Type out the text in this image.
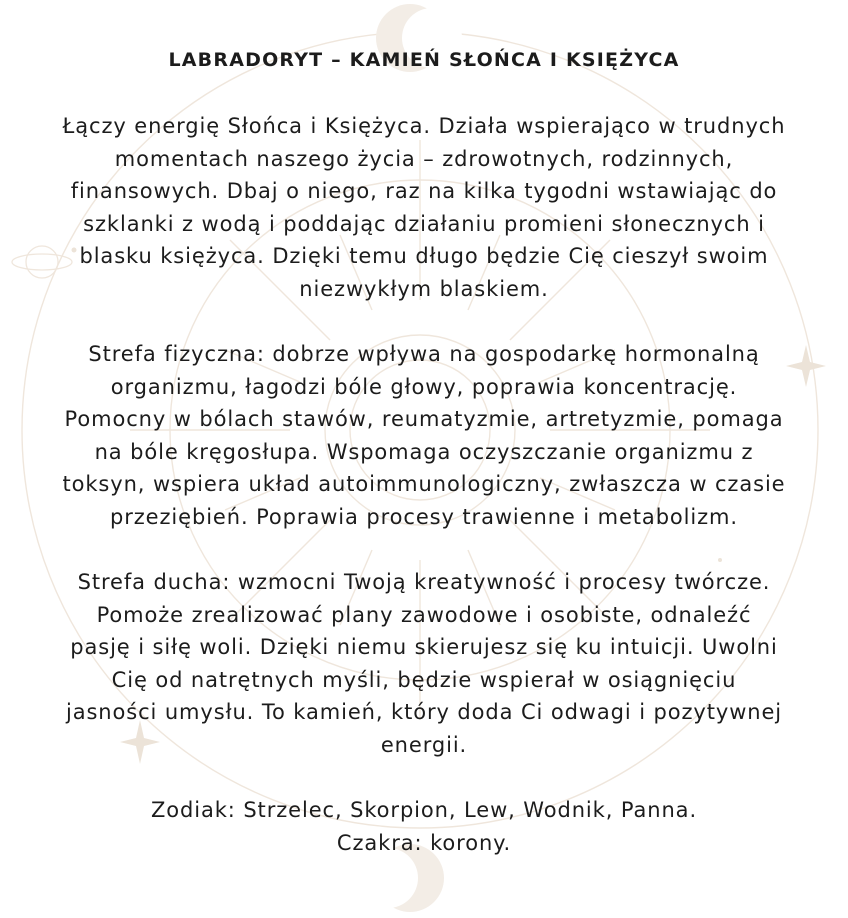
LABRADORYT – KAMIEŃ SŁOŃCA I KSIĘŻYCA

Łączy energię Słońca i Księżyca. Działa wspierająco w trudnych
momentach naszego życia – zdrowotnych, rodzinnych,
finansowych. Dbaj o niego, raz na kilka tygodni wstawiając do
szklanki z wodą i poddając działaniu promieni słonecznych i
blasku księżyca. Dzięki temu długo będzie Cię cieszył swoim
niezwykłym blaskiem.

Strefa fizyczna: dobrze wpływa na gospodarkę hormonalną
organizmu, łagodzi bóle głowy, poprawia koncentrację.
Pomocny w bólach stawów, reumatyzmie, artretyzmie, pomaga
na bóle kręgosłupa. Wspomaga oczyszczanie organizmu z
toksyn, wspiera układ autoimmunologiczny, zwłaszcza w czasie
przeziębień. Poprawia procesy trawienne i metabolizm.

Strefa ducha: wzmocni Twoją kreatywność i procesy twórcze.
Pomoże zrealizować plany zawodowe i osobiste, odnaleźć
pasję i siłę woli. Dzięki niemu skierujesz się ku intuicji. Uwolni
Cię od natrętnych myśli, będzie wspierał w osiągnięciu
jasności umysłu. To kamień, który doda Ci odwagi i pozytywnej
energii.

Zodiak: Strzelec, Skorpion, Lew, Wodnik, Panna.
Czakra: korony.
